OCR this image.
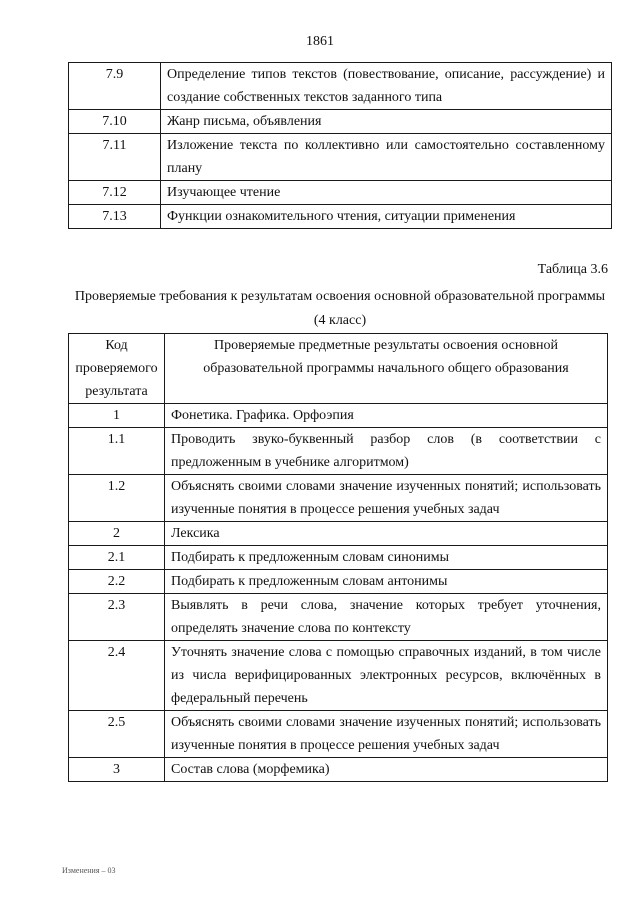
1861
7.9	Определение типов текстов (повествование, описание, рассуждение) и создание собственных текстов заданного типа
7.10	Жанр письма, объявления
7.11	Изложение текста по коллективно или самостоятельно составленному плану
7.12	Изучающее чтение
7.13	Функции ознакомительного чтения, ситуации применения
Таблица 3.6
Проверяемые требования к результатам освоения основной образовательной программы (4 класс)
Код проверяемого результата	Проверяемые предметные результаты освоения основной образовательной программы начального общего образования
1	Фонетика. Графика. Орфоэпия
1.1	Проводить звуко-буквенный разбор слов (в соответствии с предложенным в учебнике алгоритмом)
1.2	Объяснять своими словами значение изученных понятий; использовать изученные понятия в процессе решения учебных задач
2	Лексика
2.1	Подбирать к предложенным словам синонимы
2.2	Подбирать к предложенным словам антонимы
2.3	Выявлять в речи слова, значение которых требует уточнения, определять значение слова по контексту
2.4	Уточнять значение слова с помощью справочных изданий, в том числе из числа верифицированных электронных ресурсов, включённых в федеральный перечень
2.5	Объяснять своими словами значение изученных понятий; использовать изученные понятия в процессе решения учебных задач
3	Состав слова (морфемика)
Изменения – 03
